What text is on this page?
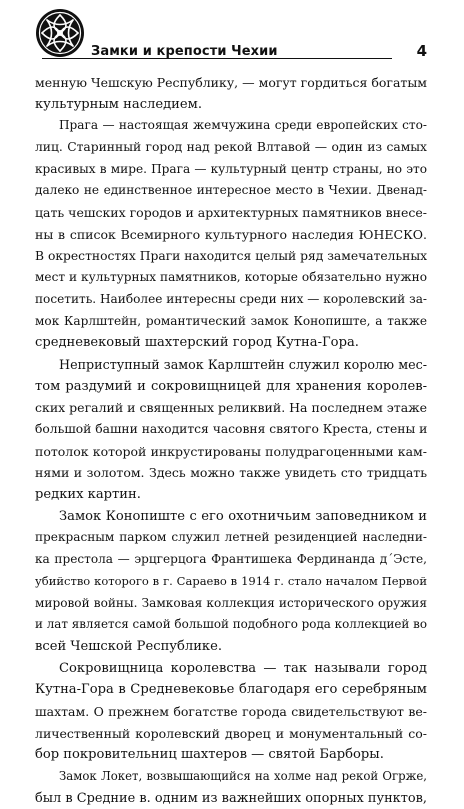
Замки и крепости Чехии	4
менную Чешскую Республику, — могут гордиться богатым
культурным наследием.
Прага — настоящая жемчужина среди европейских сто-
лиц. Старинный город над рекой Влтавой — один из самых
красивых в мире. Прага — культурный центр страны, но это
далеко не единственное интересное место в Чехии. Двенад-
цать чешских городов и архитектурных памятников внесе-
ны в список Всемирного культурного наследия ЮНЕСКО.
В окрестностях Праги находится целый ряд замечательных
мест и культурных памятников, которые обязательно нужно
посетить. Наиболее интересны среди них — королевский за-
мок Карлштейн, романтический замок Конопиште, а также
средневековый шахтерский город Кутна-Гора.
Неприступный замок Карлштейн служил королю мес-
том раздумий и сокровищницей для хранения королев-
ских регалий и священных реликвий. На последнем этаже
большой башни находится часовня святого Креста, стены и
потолок которой инкрустированы полудрагоценными кам-
нями и золотом. Здесь можно также увидеть сто тридцать
редких картин.
Замок Конопиште с его охотничьим заповедником и
прекрасным парком служил летней резиденцией наследни-
ка престола — эрцгерцога Франтишека Фердинанда д´Эсте,
убийство которого в г. Сараево в 1914 г. стало началом Первой
мировой войны. Замковая коллекция исторического оружия
и лат является самой большой подобного рода коллекцией во
всей Чешской Республике.
Сокровищница королевства — так называли город
Кутна-Гора в Средневековье благодаря его серебряным
шахтам. О прежнем богатстве города свидетельствуют ве-
личественный королевский дворец и монументальный со-
бор покровительниц шахтеров — святой Барборы.
Замок Локет, возвышающийся на холме над рекой Огрже,
был в Средние в. одним из важнейших опорных пунктов,
